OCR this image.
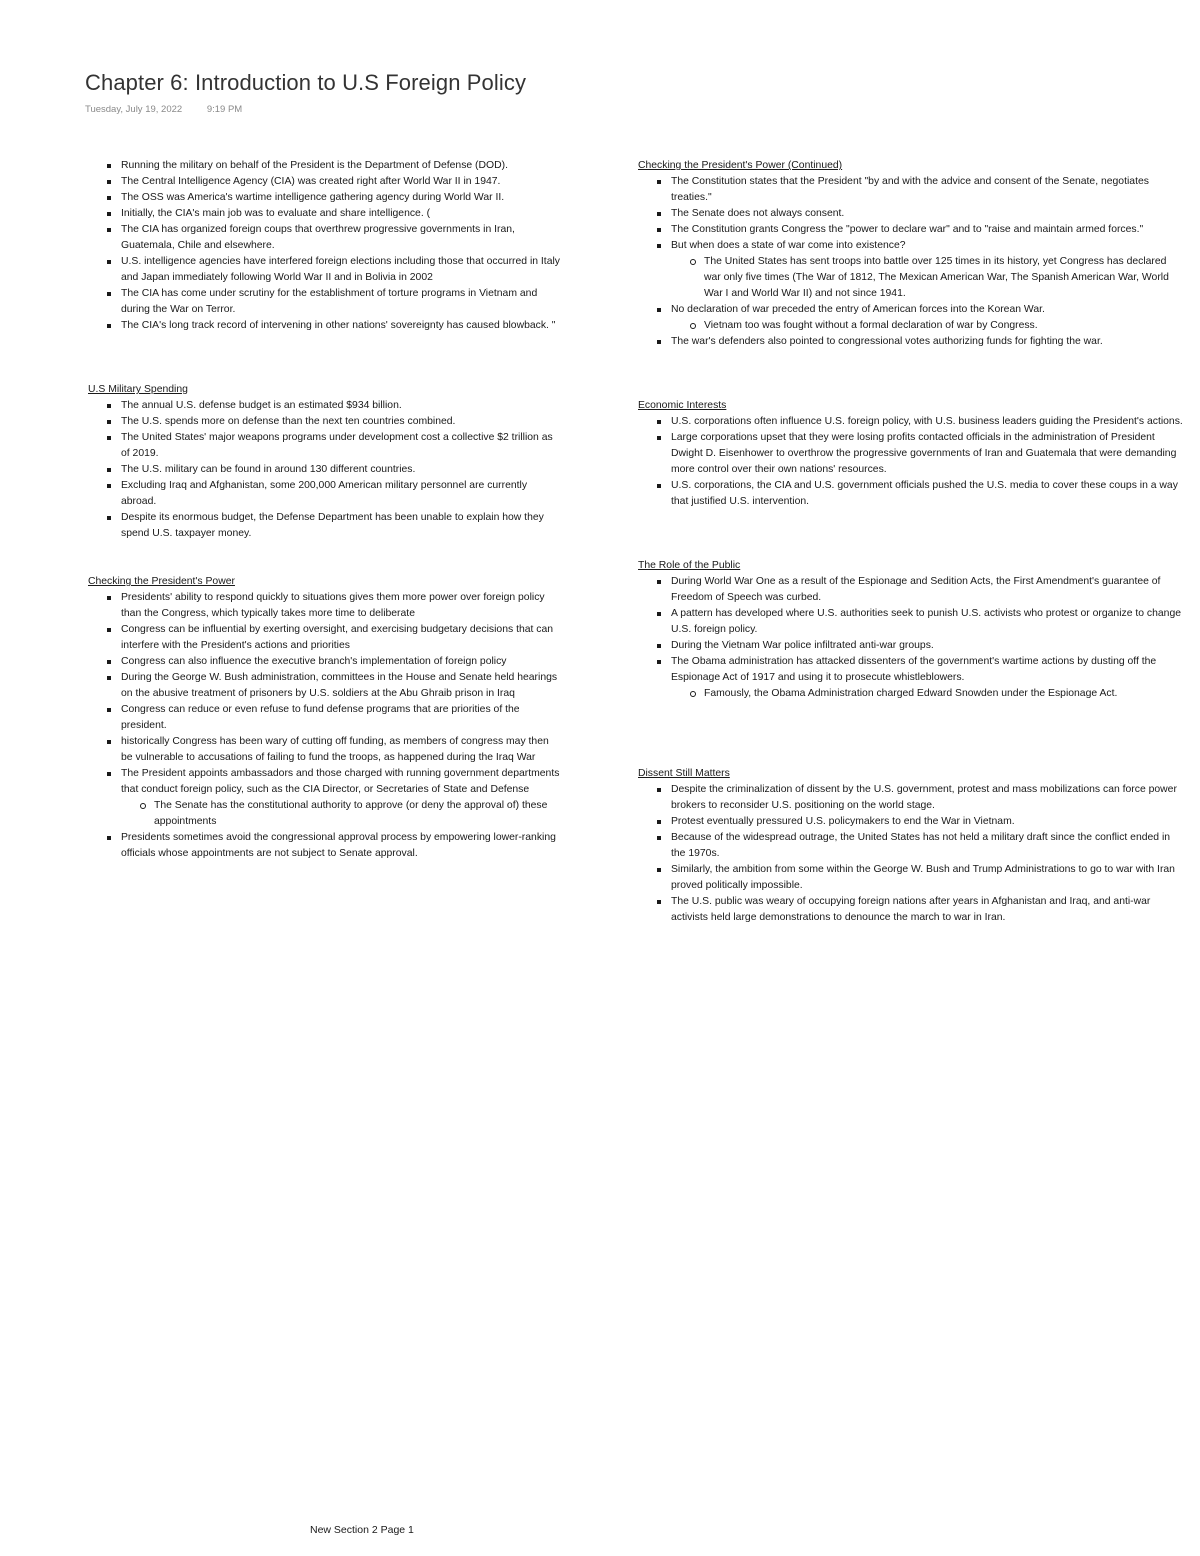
Chapter 6: Introduction to U.S Foreign Policy
Tuesday, July 19, 2022	9:19 PM
Running the military on behalf of the President is the Department of Defense (DOD).
The Central Intelligence Agency (CIA) was created right after World War II in 1947.
The OSS was America's wartime intelligence gathering agency during World War II.
Initially, the CIA's main job was to evaluate and share intelligence. (
The CIA has organized foreign coups that overthrew progressive governments in Iran, Guatemala, Chile and elsewhere.
U.S. intelligence agencies have interfered foreign elections including those that occurred in Italy and Japan immediately following World War II and in Bolivia in 2002
The CIA has come under scrutiny for the establishment of torture programs in Vietnam and during the War on Terror.
The CIA's long track record of intervening in other nations' sovereignty has caused blowback. "

U.S Military Spending

The annual U.S. defense budget is an estimated $934 billion.
The U.S. spends more on defense than the next ten countries combined.
The United States' major weapons programs under development cost a collective $2 trillion as of 2019.
The U.S. military can be found in around 130 different countries.
Excluding Iraq and Afghanistan, some 200,000 American military personnel are currently abroad.
Despite its enormous budget, the Defense Department has been unable to explain how they spend U.S. taxpayer money.

Checking the President's Power

Presidents' ability to respond quickly to situations gives them more power over foreign policy than the Congress, which typically takes more time to deliberate
Congress can be influential by exerting oversight, and exercising budgetary decisions that can interfere with the President's actions and priorities
Congress can also influence the executive branch's implementation of foreign policy
During the George W. Bush administration, committees in the House and Senate held hearings on the abusive treatment of prisoners by U.S. soldiers at the Abu Ghraib prison in Iraq
Congress can reduce or even refuse to fund defense programs that are priorities of the president.
historically Congress has been wary of cutting off funding, as members of congress may then be vulnerable to accusations of failing to fund the troops, as happened during the Iraq War
The President appoints ambassadors and those charged with running government departments that conduct foreign policy, such as the CIA Director, or Secretaries of State and Defense
The Senate has the constitutional authority to approve (or deny the approval of) these appointments
Presidents sometimes avoid the congressional approval process by empowering lower-ranking officials whose appointments are not subject to Senate approval.

Checking the President's Power (Continued)

The Constitution states that the President "by and with the advice and consent of the Senate, negotiates treaties."
The Senate does not always consent.
The Constitution grants Congress the "power to declare war" and to "raise and maintain armed forces."
But when does a state of war come into existence?
The United States has sent troops into battle over 125 times in its history, yet Congress has declared war only five times (The War of 1812, The Mexican American War, The Spanish American War, World War I and World War II) and not since 1941.
No declaration of war preceded the entry of American forces into the Korean War.
Vietnam too was fought without a formal declaration of war by Congress.
The war's defenders also pointed to congressional votes authorizing funds for fighting the war.

Economic Interests

U.S. corporations often influence U.S. foreign policy, with U.S. business leaders guiding the President's actions.
Large corporations upset that they were losing profits contacted officials in the administration of President Dwight D. Eisenhower to overthrow the progressive governments of Iran and Guatemala that were demanding more control over their own nations' resources.
U.S. corporations, the CIA and U.S. government officials pushed the U.S. media to cover these coups in a way that justified U.S. intervention.

The Role of the Public

During World War One as a result of the Espionage and Sedition Acts, the First Amendment's guarantee of Freedom of Speech was curbed.
A pattern has developed where U.S. authorities seek to punish U.S. activists who protest or organize to change U.S. foreign policy.
During the Vietnam War police infiltrated anti-war groups.
The Obama administration has attacked dissenters of the government's wartime actions by dusting off the Espionage Act of 1917 and using it to prosecute whistleblowers.
Famously, the Obama Administration charged Edward Snowden under the Espionage Act.

Dissent Still Matters

Despite the criminalization of dissent by the U.S. government, protest and mass mobilizations can force power brokers to reconsider U.S. positioning on the world stage.
Protest eventually pressured U.S. policymakers to end the War in Vietnam.
Because of the widespread outrage, the United States has not held a military draft since the conflict ended in the 1970s.
Similarly, the ambition from some within the George W. Bush and Trump Administrations to go to war with Iran proved politically impossible.
The U.S. public was weary of occupying foreign nations after years in Afghanistan and Iraq, and anti-war activists held large demonstrations to denounce the march to war in Iran.
New Section 2 Page 1
